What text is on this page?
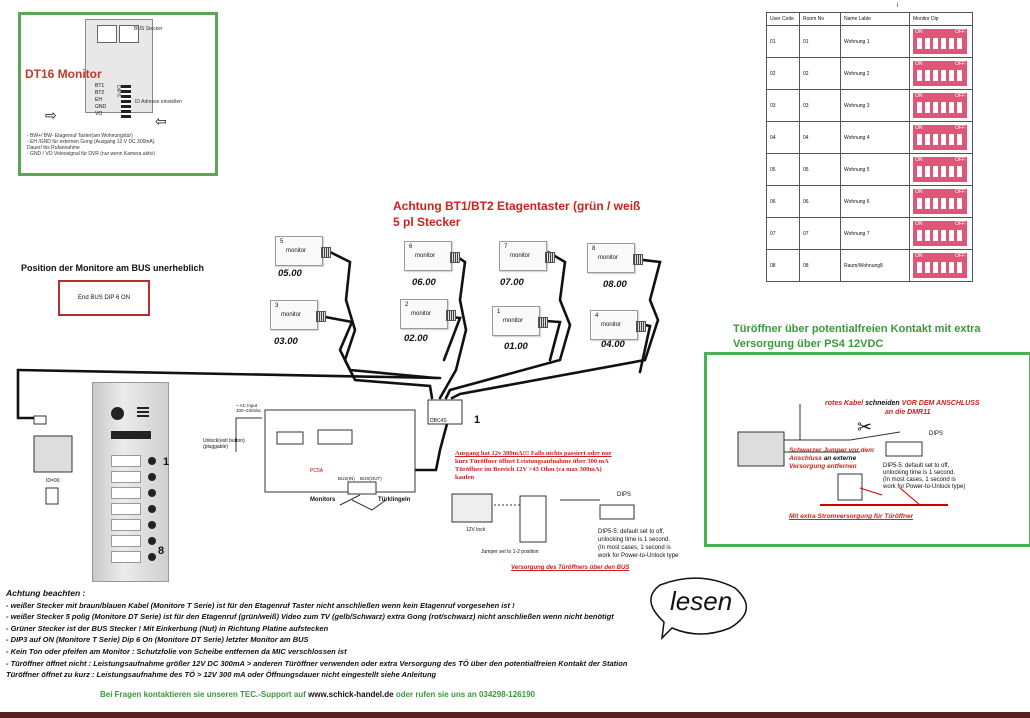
BUS Stecker
DT16 Monitor
BT1
BT2
EH
GND
VO
DIPS
ID Adresse einstellen
⇨	⇦
- BW+/ BW- Etagenruf Taster(am Wohnungstür)
- EH /GND für externen Gong (Ausgang 12 V DC 300mA)
Dauer/ bis Rufannahme
- GND / VO Videosignal für DVR (nur wenn Kamera aktiv)
Position der Monitore am BUS unerheblich
End BUS DIP 6 ON
Achtung BT1/BT2 Etagentaster (grün / weiß
5 pl Stecker
5
monitor
05.00
6
monitor
06.00
7
monitor
07.00
8
monitor
08.00
3
monitor
03.00
2
monitor
02.00
1
monitor
01.00
4
monitor
04.00
i
User Code	Room No	Name Lable	Monitor Dip
01	01	Wohnung 1	ON OFF

02	02	Wohnung 2	ON OFF

03	03	Wohnung 3	ON OFF

04	04	Wohnung 4	ON OFF

05	05	Wohnung 5	ON OFF

06	06	Wohnung 6	ON OFF

07	07	Wohnung 7	ON OFF

08	08	Raum/Wohnung8	ON OFF
Türöffner über potentialfreien Kontakt mit extra
Versorgung über PS4 12VDC
rotes Kabel schneiden VOR DEM ANSCHLUSS
an die DMR11
✂	DIPS
Schwarzer Jumper vor dem
Anschluss an externe
Versorgung entfernen	DIP5-5: default set to off,
unlocking time is 1 second.
(In most cases, 1 second is
work for Power-to-Unlock type)
Mit extra Stromversorgung für Türöffner
DBC4S 1
~ AC Input 100~240Vac
Unlock(exit button) (pluggable)
PC5A
BUS(IN) BUS(OUT)
Monitors	Türklingeln
Ausgang hat 12v 300mA!!! Falls nichts passiert oder nur
kurz Türöffner öffnet Leistungsaufnahme über 300 mA
Türöffner im Bereich 12V >43 Ohm (ca max 300mA)
kaufen
DIPS
DIP5-5: default set to off,
unlocking time is 1 second.
(In most cases, 1 second is
work for Power-to-Unlock type
12V lock
Jumper set to 1-2 position
Versorgung des Türöffners über den BUS
1
8
ID=00
Achtung beachten :
- weißer Stecker mit braun/blauen Kabel (Monitore T Serie) ist für den Etagenruf Taster nicht anschließen wenn kein Etagenruf vorgesehen ist !
- weißer Stecker 5 polig (Monitore DT Serie) ist für den Etagenruf (grün/weiß) Video zum TV (gelb/Schwarz) extra Gong (rot/schwarz) nicht anschließen wenn nicht benötigt
- Grüner Stecker ist der BUS Stecker ! Mit Einkerbung (Nut) in Richtung Platine aufstecken
- DIP3 auf ON (Monitore T Serie) Dip 6 On (Monitore DT Serie) letzter Monitor am BUS
- Kein Ton oder pfeifen am Monitor : Schutzfolie von Scheibe entfernen da MIC verschlossen ist
- Türöffner öffnet nicht : Leistungsaufnahme größer 12V DC 300mA > anderen Türöffner verwenden oder extra Versorgung des TÖ über den potentialfreien Kontakt der Station
Türöffner öffnet zu kurz : Leistungsaufnahme des TÖ > 12V 300 mA oder Öffnungsdauer nicht eingestellt siehe Anleitung
lesen
Bei Fragen kontaktieren sie unseren TEC.-Support auf www.schick-handel.de oder rufen sie uns an 034298-126190
